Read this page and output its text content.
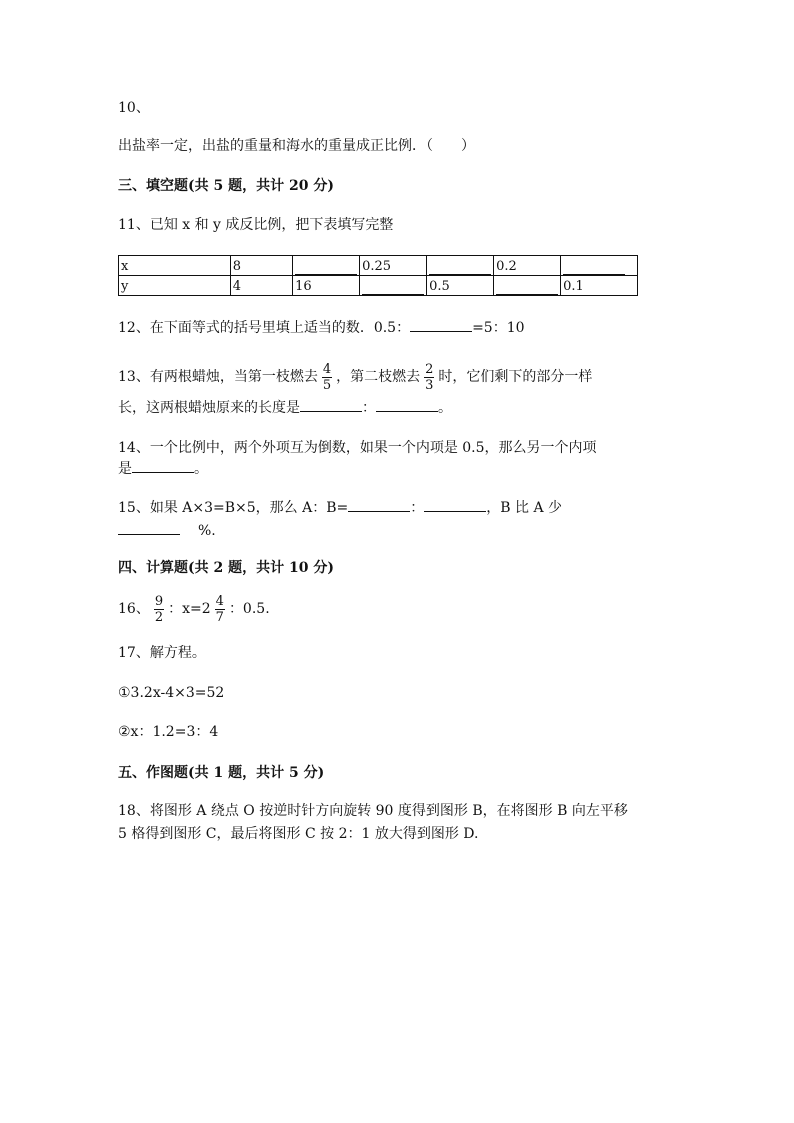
10、
出盐率一定，出盐的重量和海水的重量成正比例．（　　）
三、填空题(共 5 题，共计 20 分)
11、已知 x 和 y 成反比例，把下表填写完整
x	8		0.25		0.2	

y	4	16		0.5		0.1
12、在下面等式的括号里填上适当的数．0.5：	=5：10
13、有两根蜡烛，当第一枝燃去 $\frac{4}{5}$ ，第二枝燃去 $\frac{2}{3}$ 时，它们剩下的部分一样
长，这两根蜡烛原来的长度是	：	。
14、一个比例中，两个外项互为倒数，如果一个内项是 0.5，那么另一个内项
是	。
15、如果 A×3=B×5，那么 A：B=	：	，B 比 A 少
%.
四、计算题(共 2 题，共计 10 分)
16、 $\frac{9}{2}$ ：$x=2 \frac{4}{7}$ ：0.5.
17、解方程。
①3.2x-4×3=52
②x：1.2=3：4
五、作图题(共 1 题，共计 5 分)
18、将图形 A 绕点 O 按逆时针方向旋转 90 度得到图形 B，在将图形 B 向左平移
5 格得到图形 C，最后将图形 C 按 2：1 放大得到图形 D.
